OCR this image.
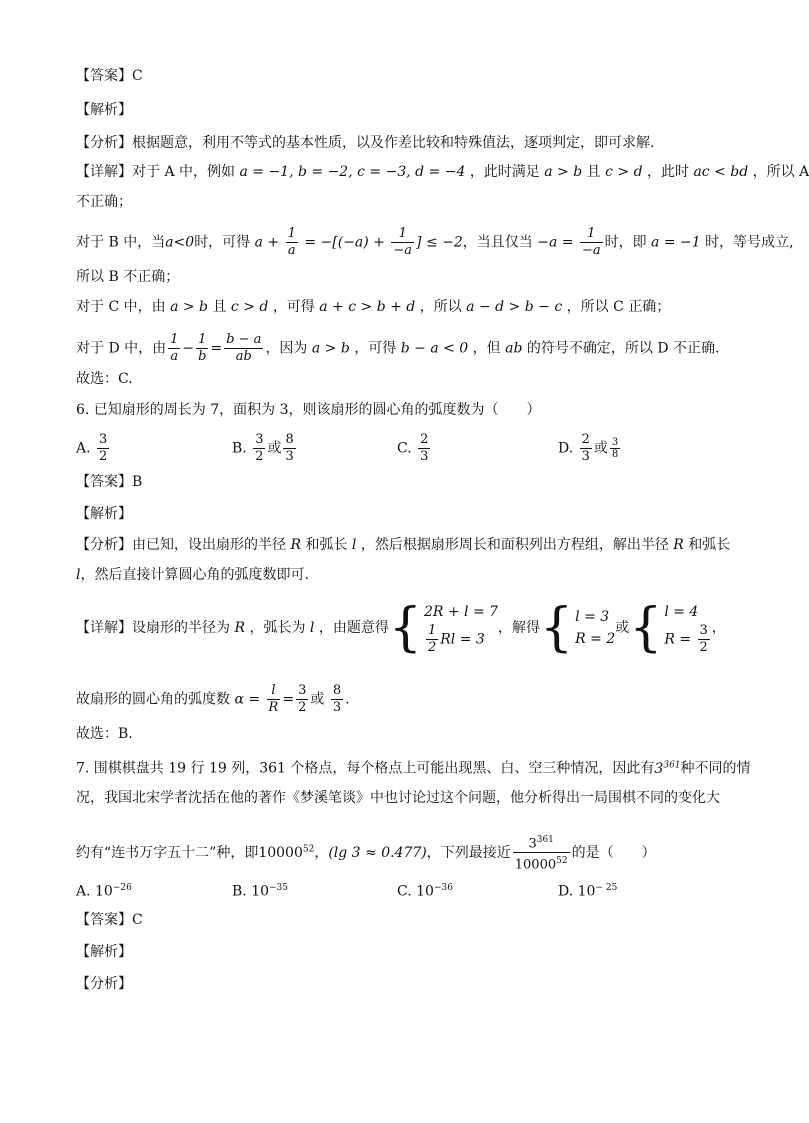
【答案】C
【解析】
【分析】根据题意，利用不等式的基本性质，以及作差比较和特殊值法，逐项判定，即可求解.
【详解】对于 A 中，例如 a = −1, b = −2, c = −3, d = −4 ，此时满足 a > b 且 c > d ，此时 ac < bd ，所以 A
不正确；
对于 B 中，当a<0时，可得 $a + \frac{1}{a} = -[(-a) + \frac{1}{-a}$ ] ≤ −2，当且仅当 $-a = \frac{1}{-a}$ 时，即 a = −1 时，等号成立,
所以 B 不正确；
对于 C 中，由 a > b 且 c > d ，可得 a + c > b + d ，所以 a − d > b − c ，所以 C 正确；
对于 D 中，由 $\frac{1}{a} - \frac{1}{b} = \frac{b - a}{ab}$ ，因为 a > b ，可得 b − a < 0 ，但 ab 的符号不确定，所以 D 不正确.
故选：C.
6. 已知扇形的周长为 7，面积为 3，则该扇形的圆心角的弧度数为（　　）
A. $\frac{3}{2}$	B. $\frac{3}{2}$ 或 $\frac{8}{3}$	C. $\frac{2}{3}$	D. $\frac{2}{3}$ 或 $\frac{3}{8}$
【答案】B
【解析】
【分析】由已知，设出扇形的半径 R 和弧长 l ，然后根据扇形周长和面积列出方程组，解出半径 R 和弧长
l，然后直接计算圆心角的弧度数即可.
【详解】设扇形的半径为 R ，弧长为 l ，由题意得{ 2R + l = 7
$\frac{1}{2}$ Rl = 3
，解得{ l = 3
R = 2
或{ l = 4
$R = \frac{3}{2}$ ，
故扇形的圆心角的弧度数 $\alpha = \frac{l}{R} = \frac{3}{2}$ 或 $\frac{8}{3}$ .
故选：B.
7. 围棋棋盘共 19 行 19 列，361 个格点，每个格点上可能出现黑、白、空三种情况，因此有$3^{361}$种不同的情
况，我国北宋学者沈括在他的著作《梦溪笔谈》中也讨论过这个问题，他分析得出一局围棋不同的变化大
约有“连书万字五十二”种，即10000$^{52}$，(lg 3 ≈ 0.477)，下列最接近 $\frac{3^{361}}{10000^{52}}$ 的是（　　）
A. $10^{-26}$	B. $10^{-35}$	C. $10^{-36}$	D. $10^{- 25}$
【答案】C
【解析】
【分析】
